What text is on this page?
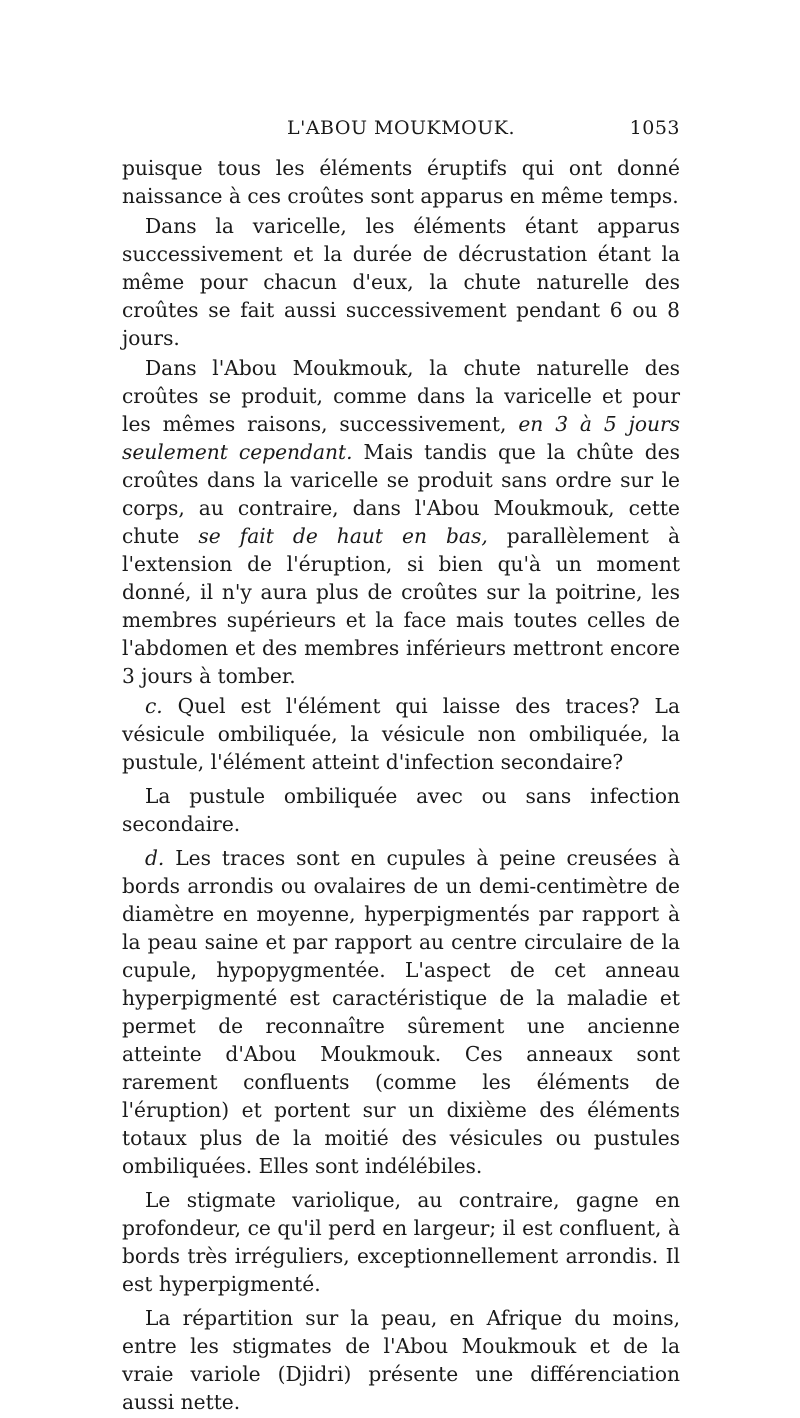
L'ABOU MOUKMOUK.	1053

puisque tous les éléments éruptifs qui ont donné naissance à ces croûtes sont apparus en même temps.

Dans la varicelle, les éléments étant apparus successivement et la durée de décrustation étant la même pour chacun d'eux, la chute naturelle des croûtes se fait aussi successivement pendant 6 ou 8 jours.

Dans l'Abou Moukmouk, la chute naturelle des croûtes se produit, comme dans la varicelle et pour les mêmes raisons, successivement, en 3 à 5 jours seulement cependant. Mais tandis que la chûte des croûtes dans la varicelle se produit sans ordre sur le corps, au contraire, dans l'Abou Moukmouk, cette chute se fait de haut en bas, parallèlement à l'extension de l'éruption, si bien qu'à un moment donné, il n'y aura plus de croûtes sur la poitrine, les membres supérieurs et la face mais toutes celles de l'abdomen et des membres inférieurs mettront encore 3 jours à tomber.

c. Quel est l'élément qui laisse des traces? La vésicule ombiliquée, la vésicule non ombiliquée, la pustule, l'élément atteint d'infection secondaire?

La pustule ombiliquée avec ou sans infection secondaire.

d. Les traces sont en cupules à peine creusées à bords arrondis ou ovalaires de un demi-centimètre de diamètre en moyenne, hyperpigmentés par rapport à la peau saine et par rapport au centre circulaire de la cupule, hypopygmentée. L'aspect de cet anneau hyperpigmenté est caractéristique de la maladie et permet de reconnaître sûrement une ancienne atteinte d'Abou Moukmouk. Ces anneaux sont rarement confluents (comme les éléments de l'éruption) et portent sur un dixième des éléments totaux plus de la moitié des vésicules ou pustules ombiliquées. Elles sont indélébiles.

Le stigmate variolique, au contraire, gagne en profondeur, ce qu'il perd en largeur; il est confluent, à bords très irréguliers, exceptionnellement arrondis. Il est hyperpigmenté.

La répartition sur la peau, en Afrique du moins, entre les stigmates de l'Abou Moukmouk et de la vraie variole (Djidri) présente une différenciation aussi nette.
